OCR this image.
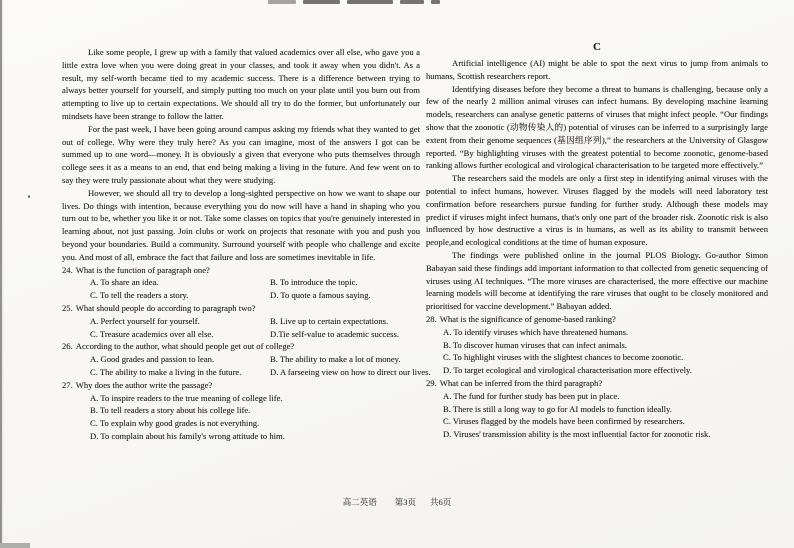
Like some people, I grew up with a family that valued academics over all else, who gave you a little extra love when you were doing great in your classes, and took it away when you didn't. As a result, my self-worth became tied to my academic success. There is a difference between trying to always better yourself for yourself, and simply putting too much on your plate until you burn out from attempting to live up to certain expectations. We should all try to do the former, but unfortunately our mindsets have been strange to follow the latter.

For the past week, I have been going around campus asking my friends what they wanted to get out of college. Why were they truly here? As you can imagine, most of the answers I got can be summed up to one word—money. It is obviously a given that everyone who puts themselves through college sees it as a means to an end, that end being making a living in the future. And few went on to say they were truly passionate about what they were studying.

However, we should all try to develop a long-sighted perspective on how we want to shape our lives. Do things with intention, because everything you do now will have a hand in shaping who you turn out to be, whether you like it or not. Take some classes on topics that you're genuinely interested in learning about, not just passing. Join clubs or work on projects that resonate with you and push you beyond your boundaries. Build a community. Surround yourself with people who challenge and excite you. And most of all, embrace the fact that failure and loss are sometimes inevitable in life.

24. What is the function of paragraph one?
A. To share an idea.	B. To introduce the topic.
C. To tell the readers a story.	D. To quote a famous saying.
25. What should people do according to paragraph two?
A. Perfect yourself for yourself.	B. Live up to certain expectations.
C. Treasure academics over all else.	D.Tie self-value to academic success.
26. According to the author, what should people get out of college?
A. Good grades and passion to lean.	B. The ability to make a lot of money.
C. The ability to make a living in the future.	D. A farseeing view on how to direct our lives.
27. Why does the author write the passage?
A. To inspire readers to the true meaning of college life.
B. To tell readers a story about his college life.
C. To explain why good grades is not everything.
D. To complain about his family's wrong attitude to him.

C

Artificial intelligence (AI) might be able to spot the next virus to jump from animals to humans, Scottish researchers report.

Identifying diseases before they become a threat to humans is challenging, because only a few of the nearly 2 million animal viruses can infect humans. By developing machine learning models, researchers can analyse genetic patterns of viruses that might infect people. “Our findings show that the zoonotic (动物传染人的) potential of viruses can be inferred to a surprisingly large extent from their genome sequences (基因组序列),” the researchers at the University of Glasgow reported. “By highlighting viruses with the greatest potential to become zoonotic, genome-based ranking allows further ecological and virological characterisation to be targeted more effectively.”

The researchers said the models are only a first step in identifying animal viruses with the potential to infect humans, however. Viruses flagged by the models will need laboratory test confirmation before researchers pursue funding for further study. Although these models may predict if viruses might infect humans, that's only one part of the broader risk. Zoonotic risk is also influenced by how destructive a virus is in humans, as well as its ability to transmit between people,and ecological conditions at the time of human exposure.

The findings were published online in the journal PLOS Biology. Go-author Simon Babayan said these findings add important information to that collected from genetic sequencing of viruses using AI techniques. “The more viruses are characterised, the more effective our machine learning models will become at identifying the rare viruses that ought to be closely monitored and prioritised for vaccine development.” Babayan added.

28. What is the significance of genome-based ranking?
A. To identify viruses which have threatened humans.
B. To discover human viruses that can infect animals.
C. To highlight viruses with the slightest chances to become zoonotic.
D. To target ecological and virological characterisation more effectively.
29. What can be inferred from the third paragraph?
A. The fund for further study has been put in place.
B. There is still a long way to go for AI models to function ideally.
C. Viruses flagged by the models have been confirmed by researchers.
D. Viruses' transmission ability is the most influential factor for zoonotic risk.
高二英语 第3页 共6页
